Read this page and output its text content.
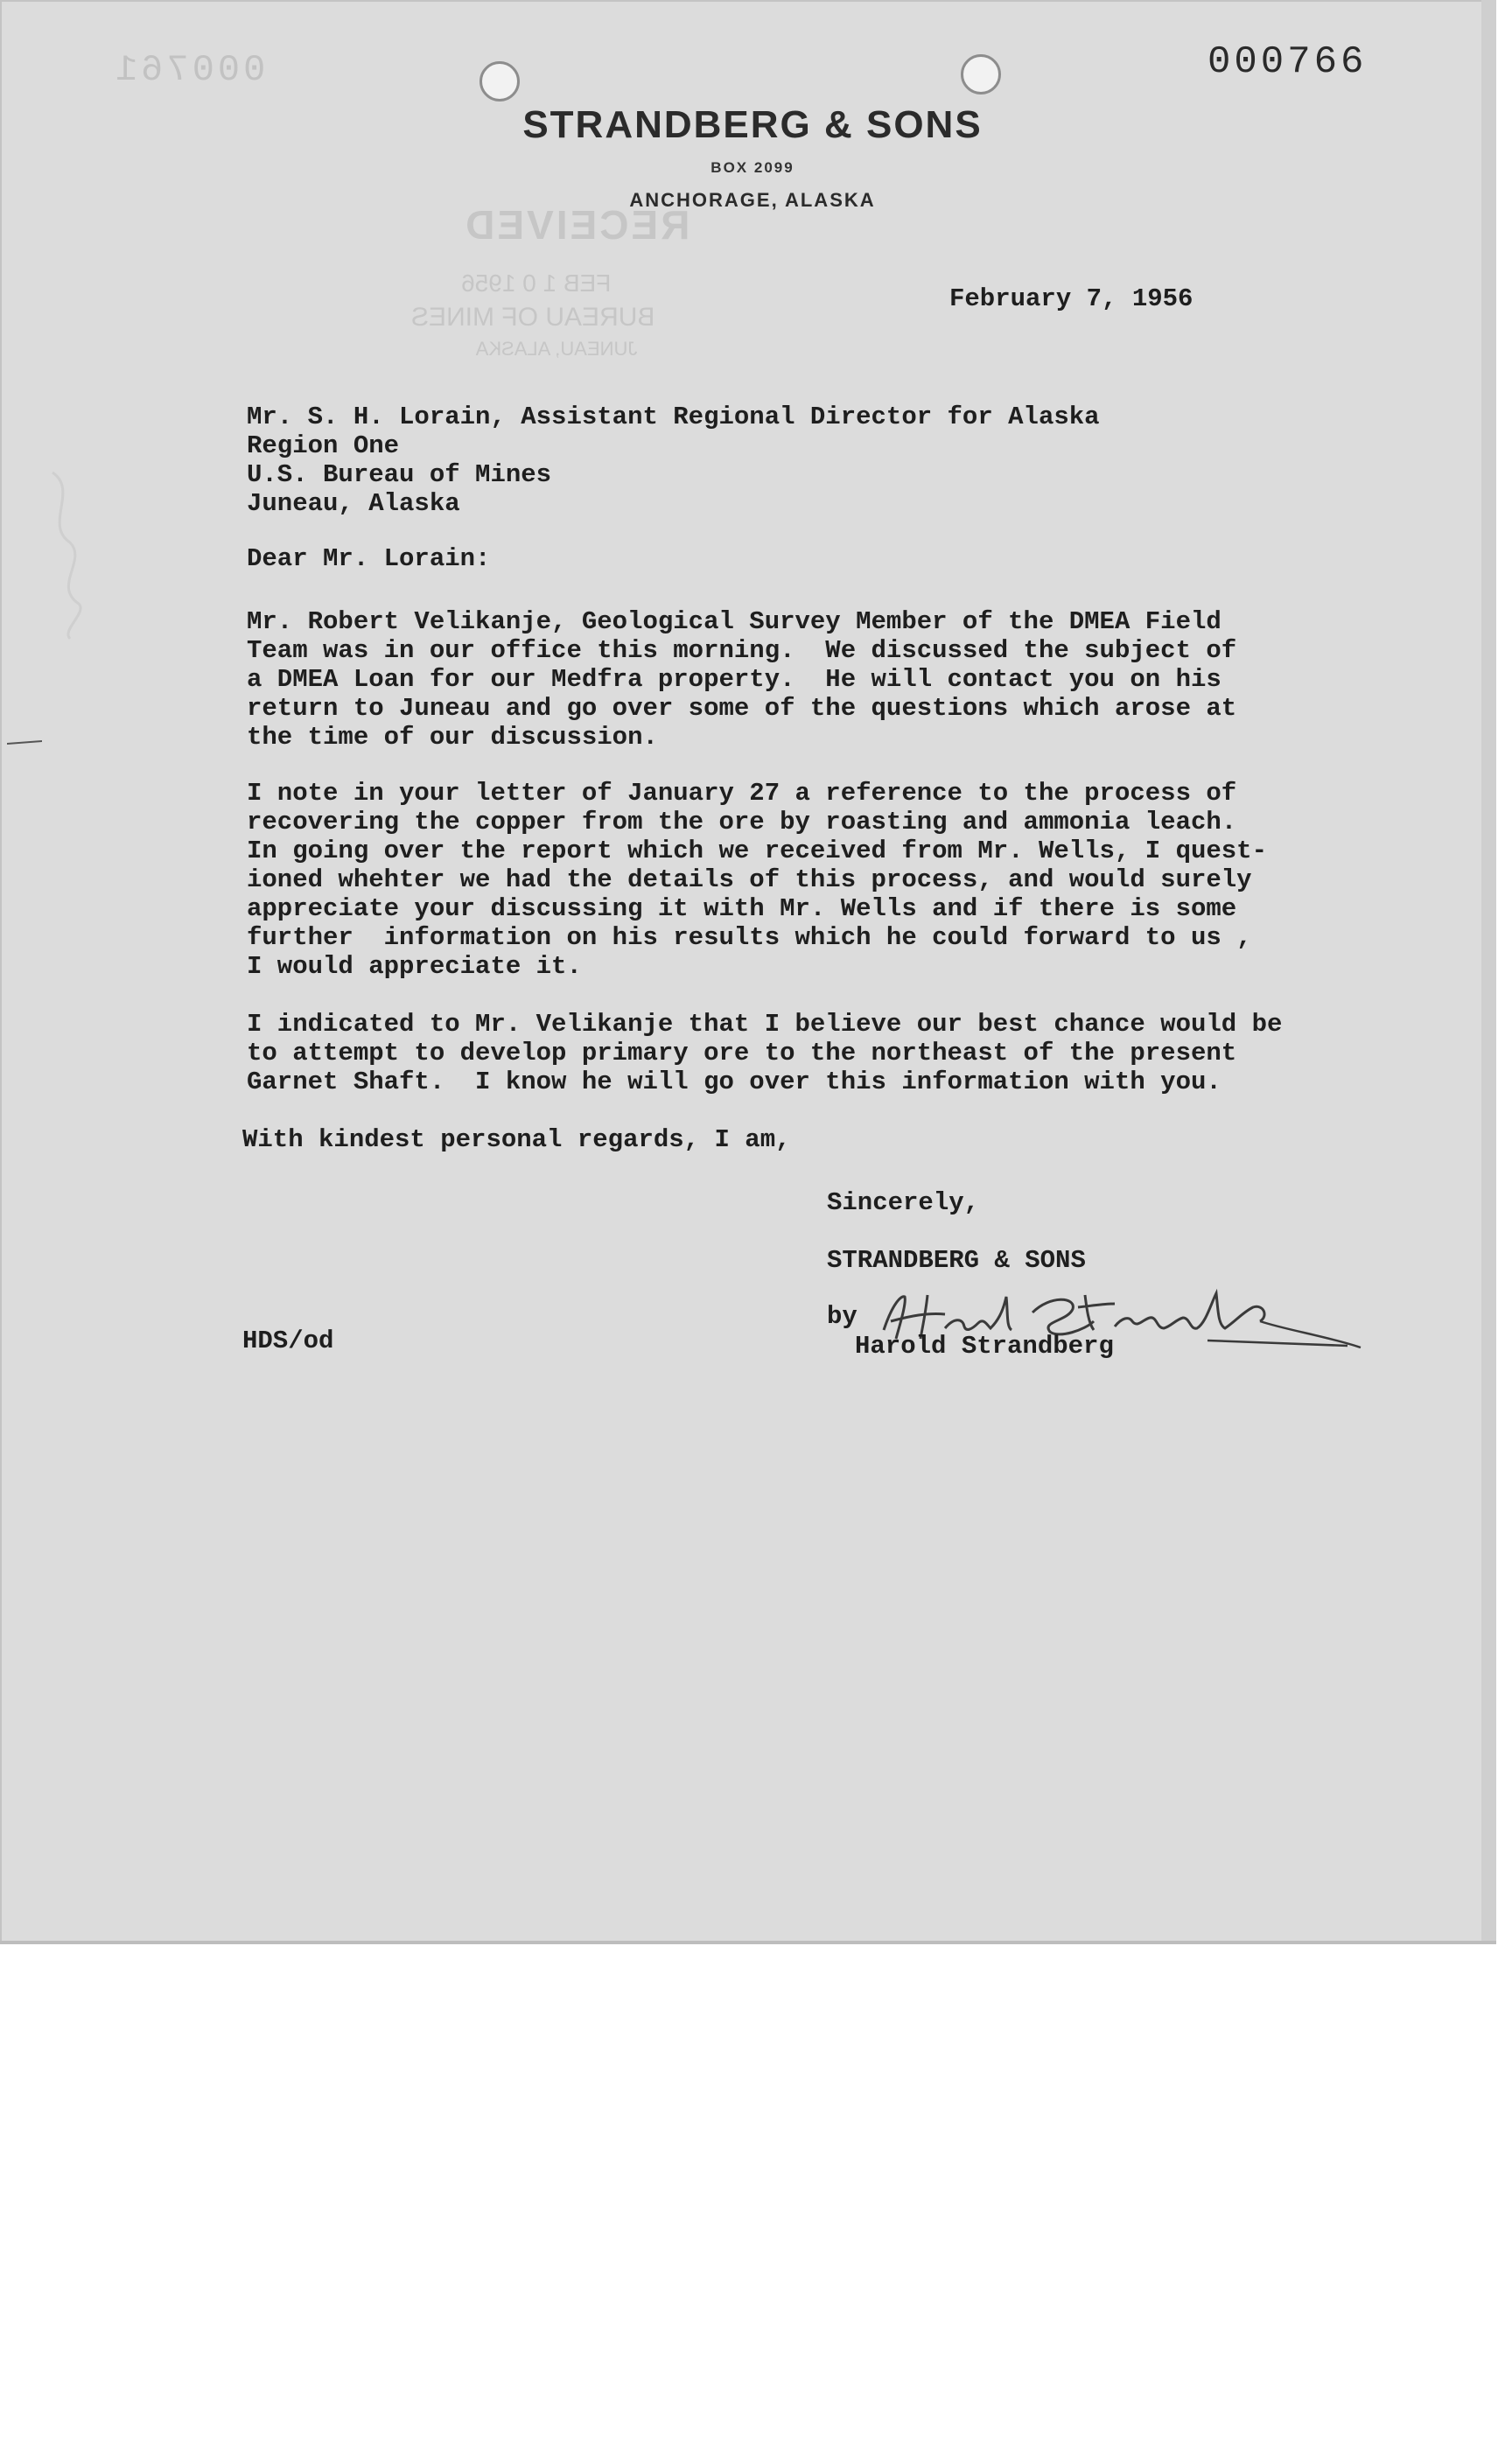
000761
RECEIVED
FEB 1 0 1956
BUREAU OF MINES
JUNEAU, ALASKA
000766
STRANDBERG & SONS
BOX 2099
ANCHORAGE, ALASKA
February 7, 1956
Mr. S. H. Lorain, Assistant Regional Director for Alaska
Region One
U.S. Bureau of Mines
Juneau, Alaska
Dear Mr. Lorain:
Mr. Robert Velikanje, Geological Survey Member of the DMEA Field
Team was in our office this morning.  We discussed the subject of
a DMEA Loan for our Medfra property.  He will contact you on his
return to Juneau and go over some of the questions which arose at
the time of our discussion.
I note in your letter of January 27 a reference to the process of
recovering the copper from the ore by roasting and ammonia leach.
In going over the report which we received from Mr. Wells, I quest-
ioned whehter we had the details of this process, and would surely
appreciate your discussing it with Mr. Wells and if there is some
further  information on his results which he could forward to us ,
I would appreciate it.
I indicated to Mr. Velikanje that I believe our best chance would be
to attempt to develop primary ore to the northeast of the present
Garnet Shaft.  I know he will go over this information with you.
With kindest personal regards, I am,
Sincerely,
STRANDBERG & SONS
by
Harold Strandberg
HDS/od
